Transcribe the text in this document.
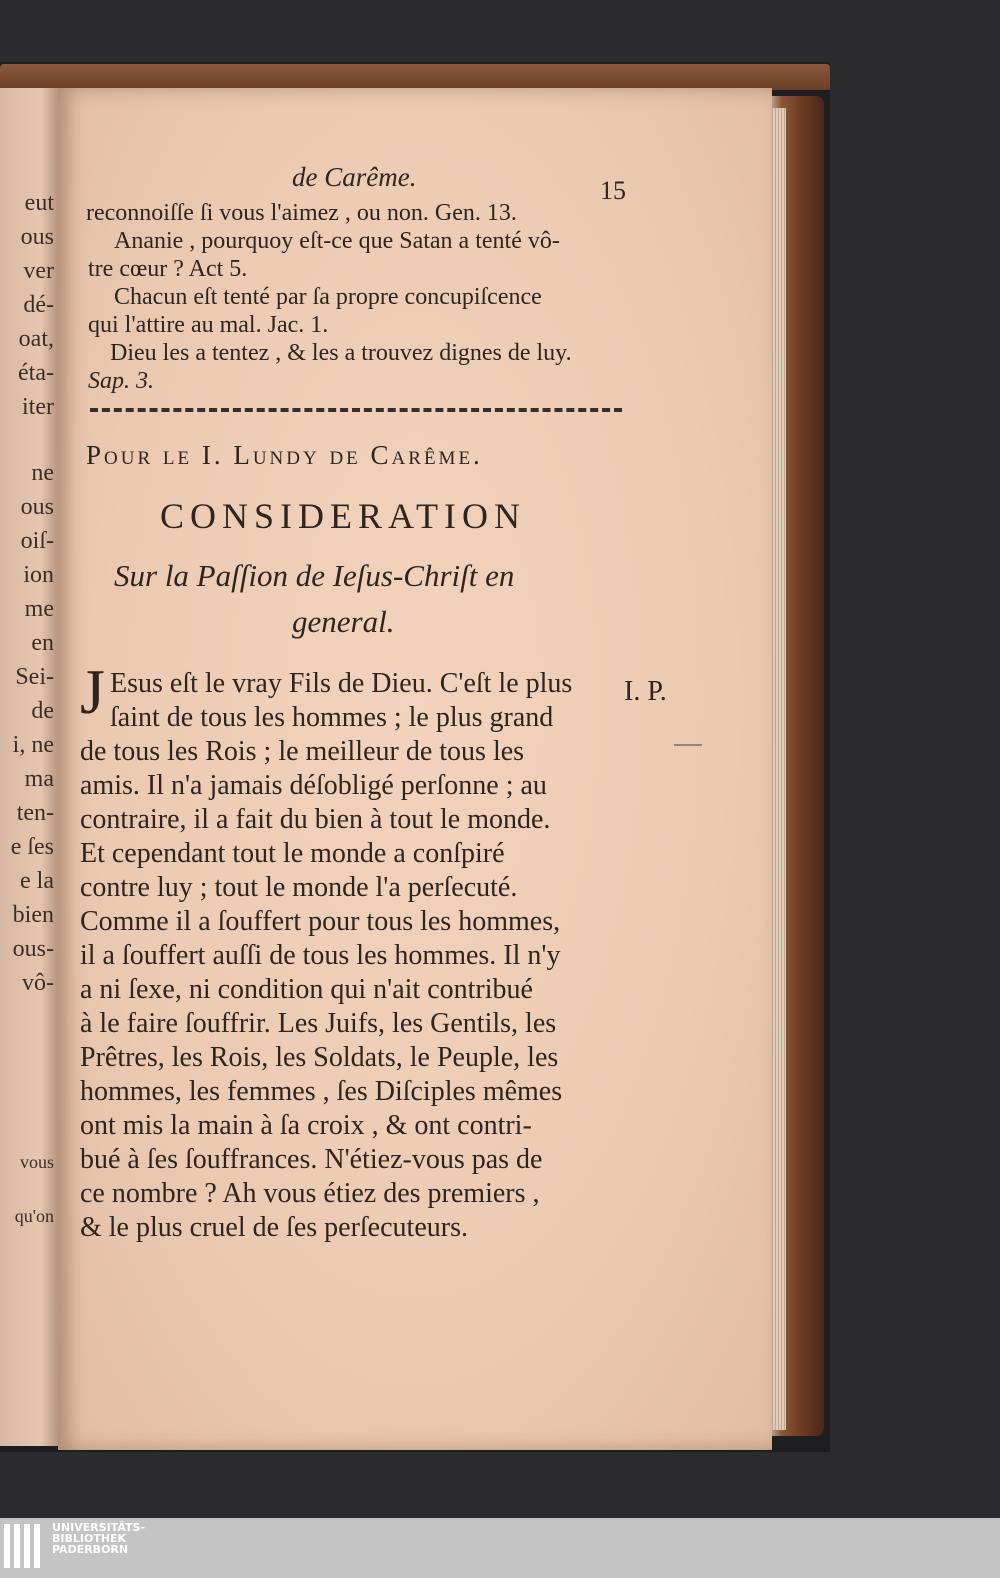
eut
ous
ver
dé-
oat,
éta-
iter
ne
ous
oiſ-
ion
me
en
Sei-
de
i, ne
ma
ten-
e ſes
e la
bien
ous-
vô-
vous
qu'on
de Carême.	15
reconnoiſſe ſi vous l'aimez , ou non. Gen. 13.
Ananie , pourquoy eſt-ce que Satan a tenté vô-
tre cœur ? Act 5.
Chacun eſt tenté par ſa propre concupiſcence
qui l'attire au mal. Jac. 1.
Dieu les a tentez , & les a trouvez dignes de luy.
Sap. 3.
Pour le I. Lundy de Carême.
CONSIDERATION
Sur la Paſſion de Ieſus-Chriſt en
general.
J Esus eſt le vray Fils de Dieu. C'eſt le plus
ſaint de tous les hommes ; le plus grand
de tous les Rois ; le meilleur de tous les
amis. Il n'a jamais déſobligé perſonne ; au
contraire, il a fait du bien à tout le monde.
Et cependant tout le monde a conſpiré
contre luy ; tout le monde l'a perſecuté.
Comme il a ſouffert pour tous les hommes,
il a ſouffert auſſi de tous les hommes. Il n'y
a ni ſexe, ni condition qui n'ait contribué
à le faire ſouffrir. Les Juifs, les Gentils, les
Prêtres, les Rois, les Soldats, le Peuple, les
hommes, les femmes , ſes Diſciples mêmes
ont mis la main à ſa croix , & ont contri-
bué à ſes ſouffrances. N'étiez-vous pas de
ce nombre ? Ah vous étiez des premiers ,
& le plus cruel de ſes perſecuteurs.
I. P.
UNIVERSITÄTS-
BIBLIOTHEK
PADERBORN
